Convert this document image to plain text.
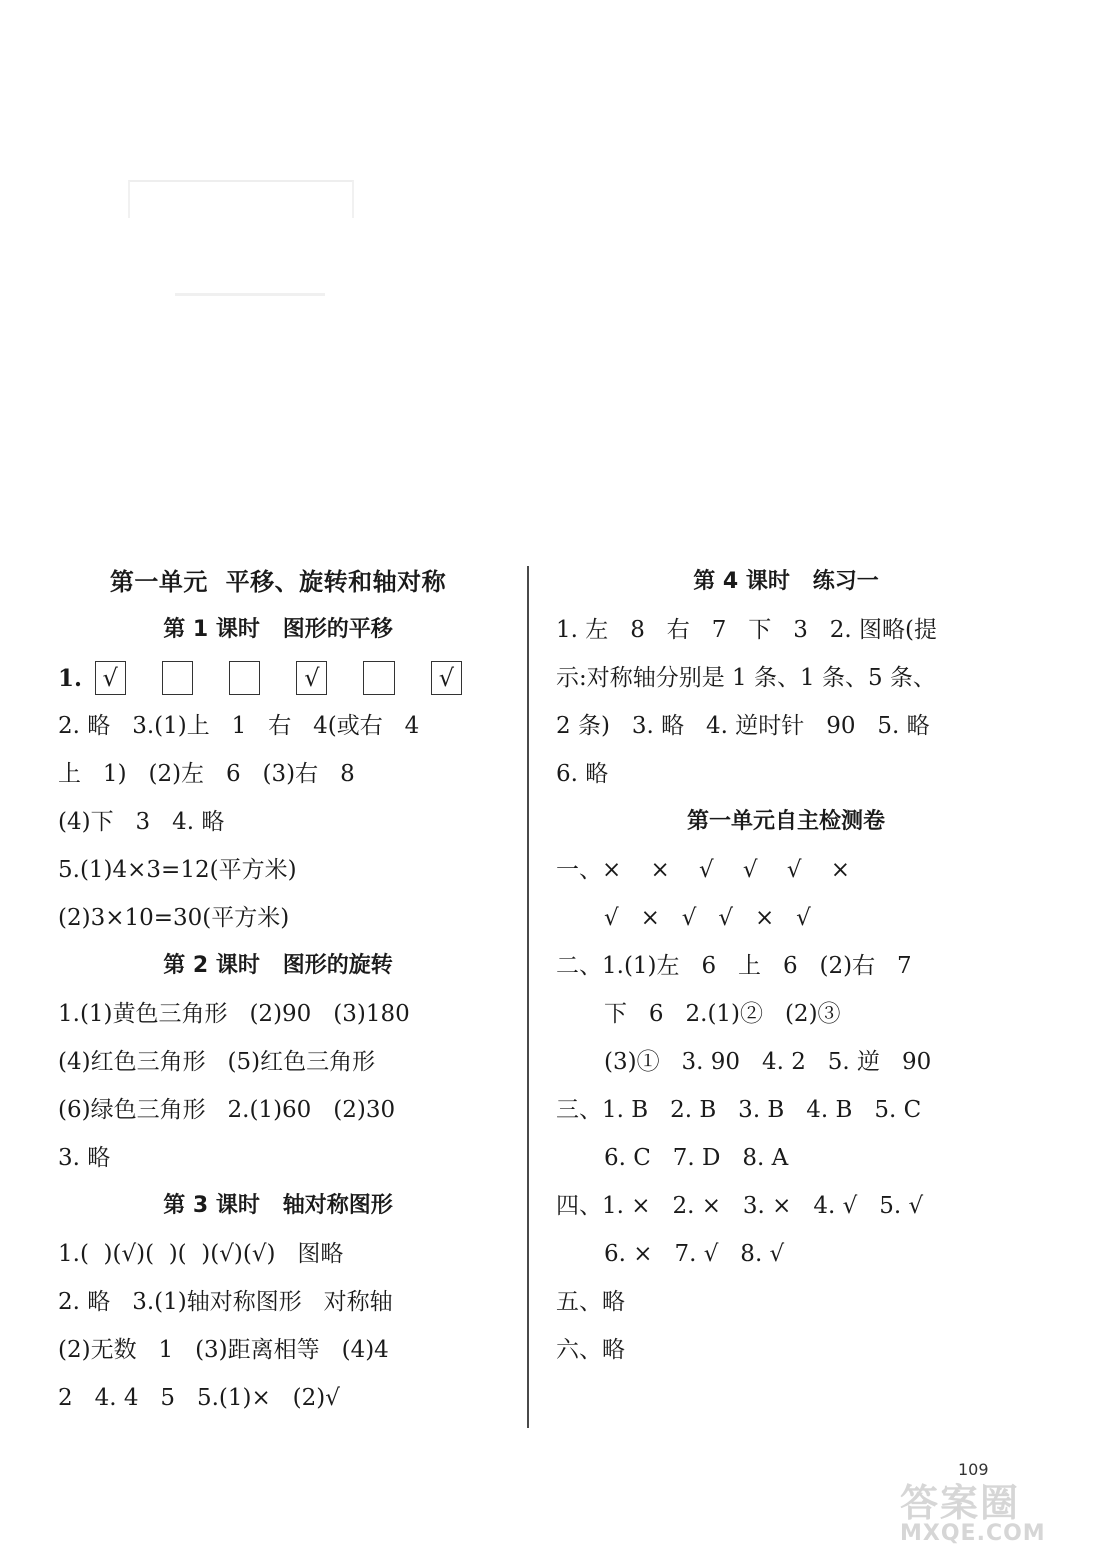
第一单元  平移、旋转和轴对称
第 1 课时   图形的平移
1. √	√	√
2. 略   3.(1)上   1   右   4(或右   4
上   1)   (2)左   6   (3)右   8
(4)下   3   4. 略
5.(1)4×3=12(平方米)
(2)3×10=30(平方米)
第 2 课时   图形的旋转
1.(1)黄色三角形   (2)90   (3)180
(4)红色三角形   (5)红色三角形
(6)绿色三角形   2.(1)60   (2)30
3. 略
第 3 课时   轴对称图形
1.(  )(√)(  )(  )(√)(√)   图略
2. 略   3.(1)轴对称图形   对称轴
(2)无数   1   (3)距离相等   (4)4
2   4. 4   5   5.(1)×   (2)√
第 4 课时   练习一
1. 左   8   右   7   下   3   2. 图略(提
示:对称轴分别是 1 条、1 条、5 条、
2 条)   3. 略   4. 逆时针   90   5. 略
6. 略
第一单元自主检测卷
一、×    ×    √    √    √    ×
√   ×   √   √   ×   √
二、1.(1)左   6   上   6   (2)右   7
下   6   2.(1)②   (2)③
(3)①   3. 90   4. 2   5. 逆   90
三、1. B   2. B   3. B   4. B   5. C
6. C   7. D   8. A
四、1. ×   2. ×   3. ×   4. √   5. √
6. ×   7. √   8. √
五、略
六、略
109
答案圈
MXQE.COM
